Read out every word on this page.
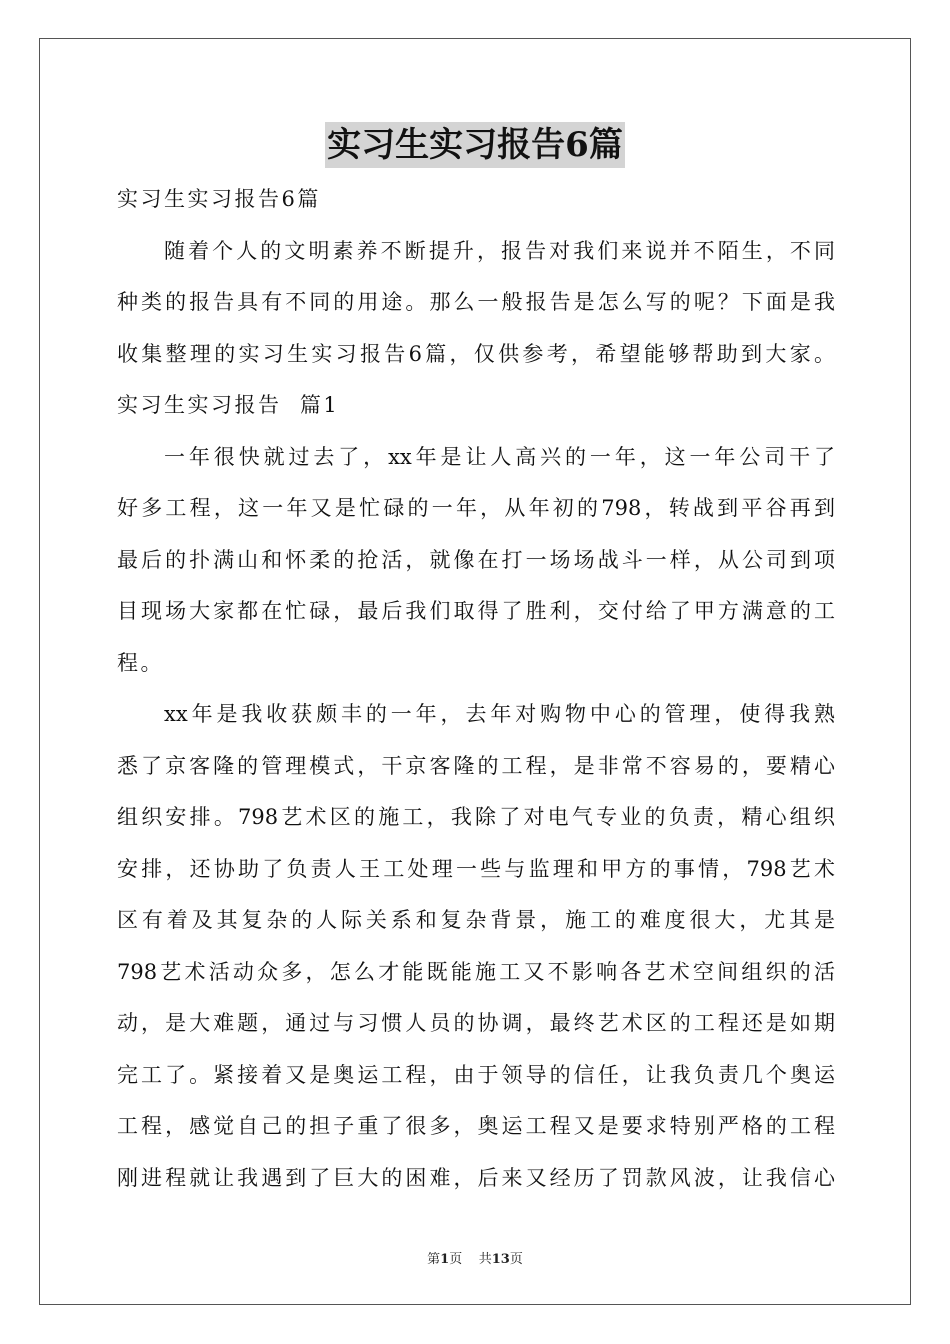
实习生实习报告6篇

实习生实习报告6篇

随着个人的文明素养不断提升，报告对我们来说并不陌生，不同

种类的报告具有不同的用途。那么一般报告是怎么写的呢？下面是我

收集整理的实习生实习报告6篇，仅供参考，希望能够帮助到大家。

实习生实习报告  篇1

一年很快就过去了，xx年是让人高兴的一年，这一年公司干了

好多工程，这一年又是忙碌的一年，从年初的798，转战到平谷再到

最后的扑满山和怀柔的抢活，就像在打一场场战斗一样，从公司到项

目现场大家都在忙碌，最后我们取得了胜利，交付给了甲方满意的工

程。

xx年是我收获颇丰的一年，去年对购物中心的管理，使得我熟

悉了京客隆的管理模式，干京客隆的工程，是非常不容易的，要精心

组织安排。798艺术区的施工，我除了对电气专业的负责，精心组织

安排，还协助了负责人王工处理一些与监理和甲方的事情，798艺术

区有着及其复杂的人际关系和复杂背景，施工的难度很大，尤其是

798艺术活动众多，怎么才能既能施工又不影响各艺术空间组织的活

动，是大难题，通过与习惯人员的协调，最终艺术区的工程还是如期

完工了。紧接着又是奥运工程，由于领导的信任，让我负责几个奥运

工程，感觉自己的担子重了很多，奥运工程又是要求特别严格的工程

刚进程就让我遇到了巨大的困难，后来又经历了罚款风波，让我信心

第1页    共13页
